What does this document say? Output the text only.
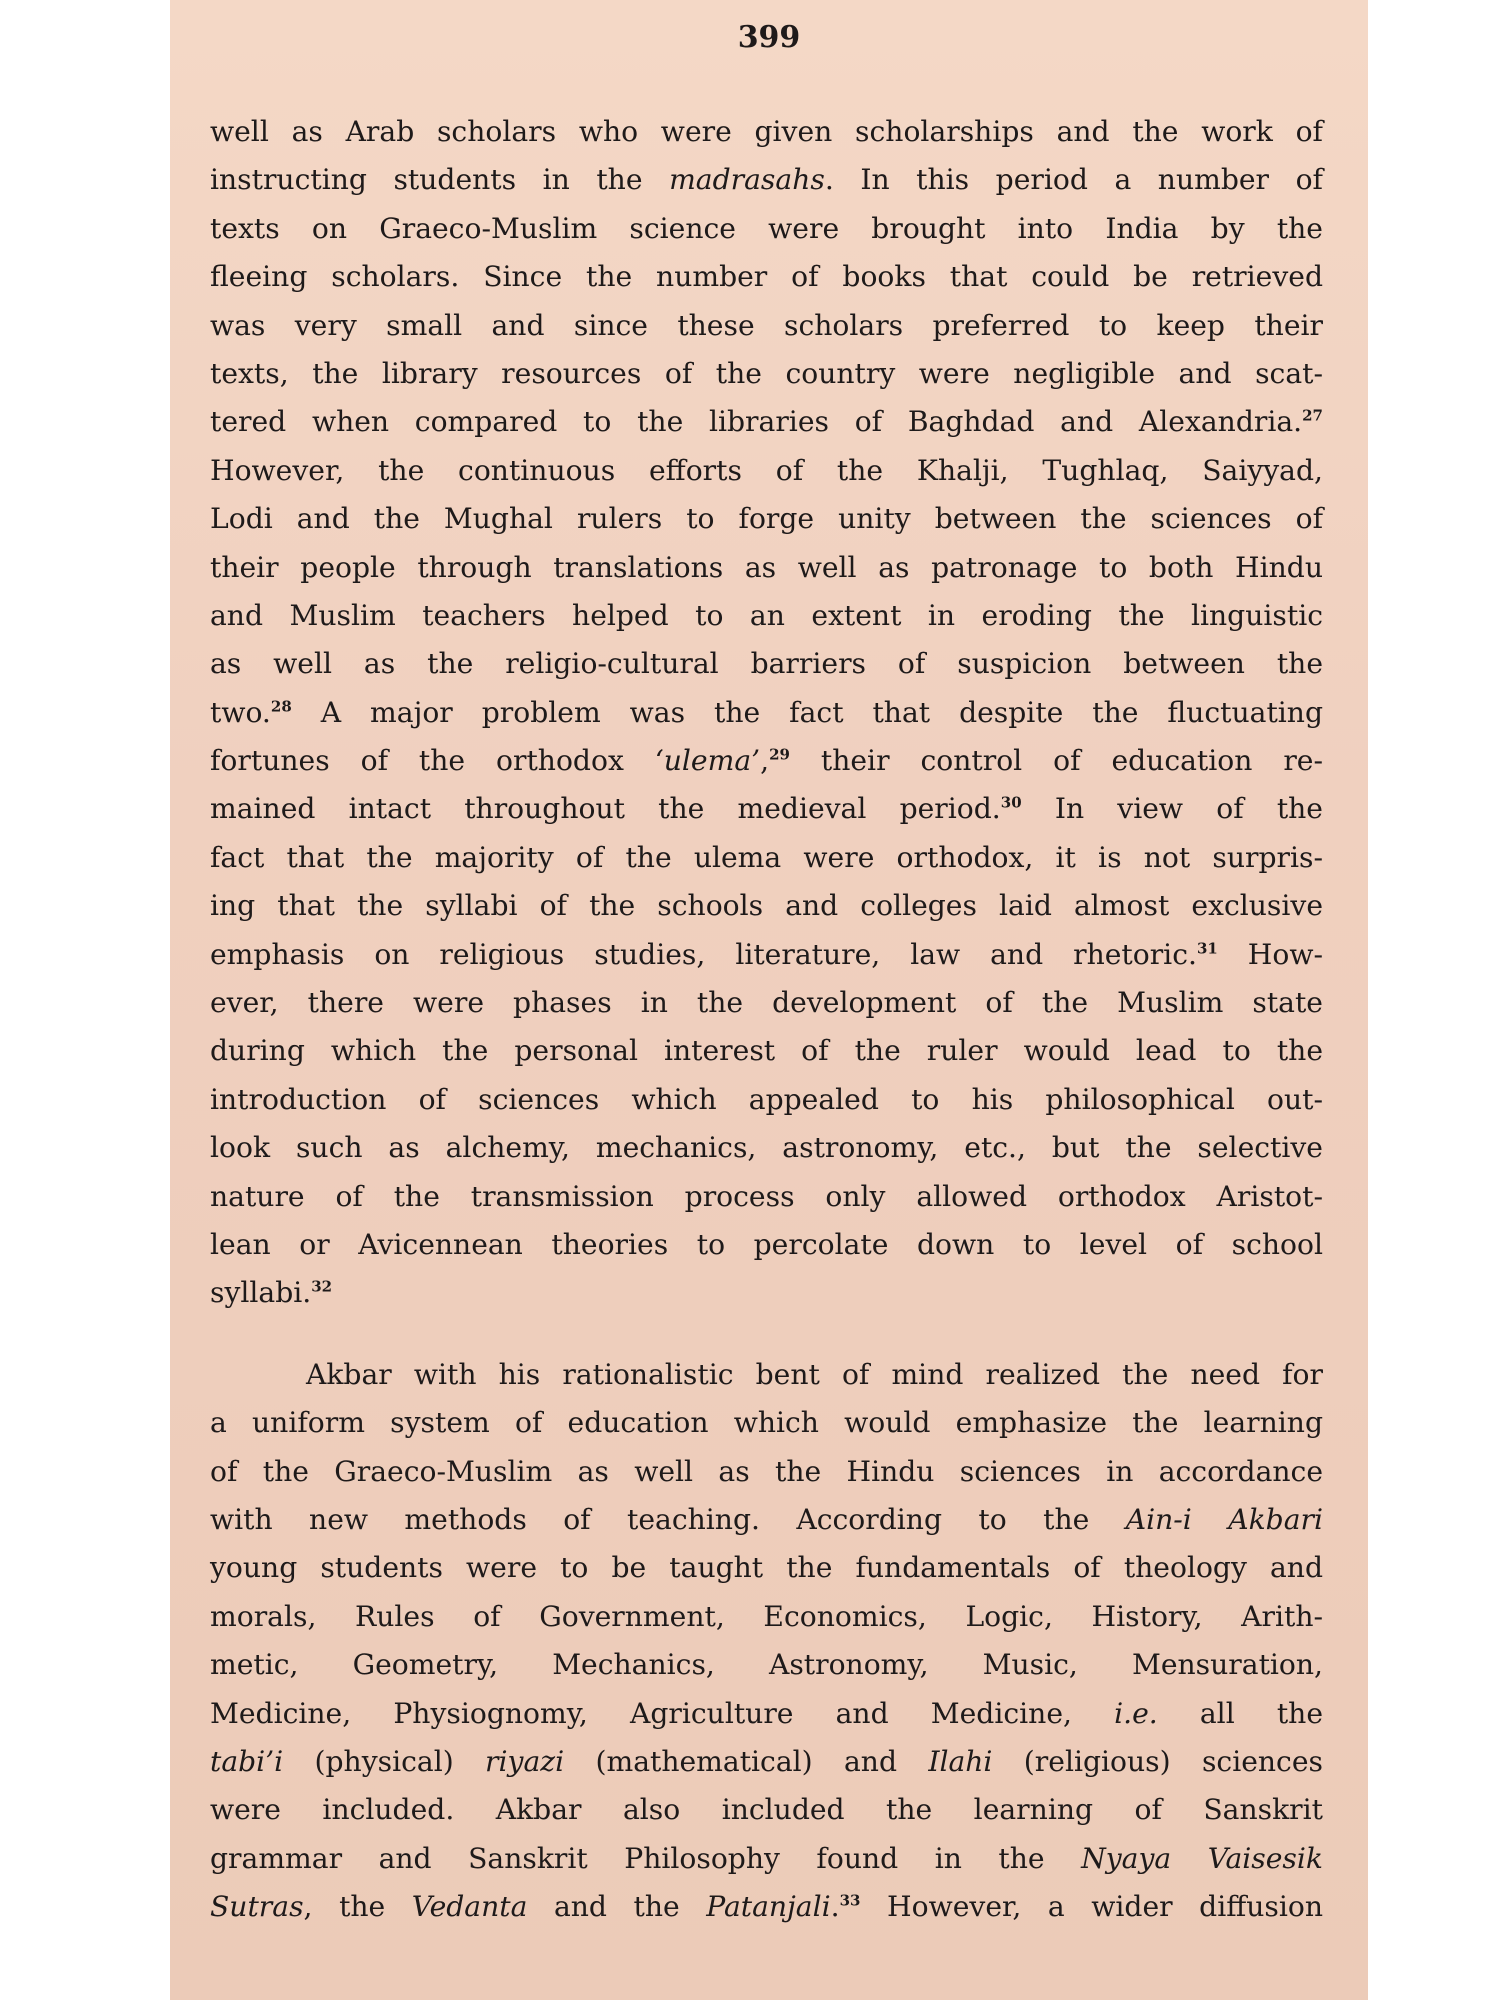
399
well as Arab scholars who were given scholarships and the work of
instructing students in the madrasahs. In this period a number of
texts on Graeco-Muslim science were brought into India by the
fleeing scholars. Since the number of books that could be retrieved
was very small and since these scholars preferred to keep their
texts, the library resources of the country were negligible and scat-
tered when compared to the libraries of Baghdad and Alexandria.$^{27}$
However, the continuous efforts of the Khalji, Tughlaq, Saiyyad,
Lodi and the Mughal rulers to forge unity between the sciences of
their people through translations as well as patronage to both Hindu
and Muslim teachers helped to an extent in eroding the linguistic
as well as the religio-cultural barriers of suspicion between the
two.$^{28}$ A major problem was the fact that despite the fluctuating
fortunes of the orthodox ‘ulema’,$^{29}$ their control of education re-
mained intact throughout the medieval period.$^{30}$ In view of the
fact that the majority of the ulema were orthodox, it is not surpris-
ing that the syllabi of the schools and colleges laid almost exclusive
emphasis on religious studies, literature, law and rhetoric.$^{31}$ How-
ever, there were phases in the development of the Muslim state
during which the personal interest of the ruler would lead to the
introduction of sciences which appealed to his philosophical out-
look such as alchemy, mechanics, astronomy, etc., but the selective
nature of the transmission process only allowed orthodox Aristot-
lean or Avicennean theories to percolate down to level of school
syllabi.$^{32}$
Akbar with his rationalistic bent of mind realized the need for
a uniform system of education which would emphasize the learning
of the Graeco-Muslim as well as the Hindu sciences in accordance
with new methods of teaching. According to the Ain-i Akbari
young students were to be taught the fundamentals of theology and
morals, Rules of Government, Economics, Logic, History, Arith-
metic, Geometry, Mechanics, Astronomy, Music, Mensuration,
Medicine, Physiognomy, Agriculture and Medicine, i.e. all the
tabi’i (physical) riyazi (mathematical) and Ilahi (religious) sciences
were included. Akbar also included the learning of Sanskrit
grammar and Sanskrit Philosophy found in the Nyaya Vaisesik
Sutras, the Vedanta and the Patanjali.$^{33}$ However, a wider diffusion
